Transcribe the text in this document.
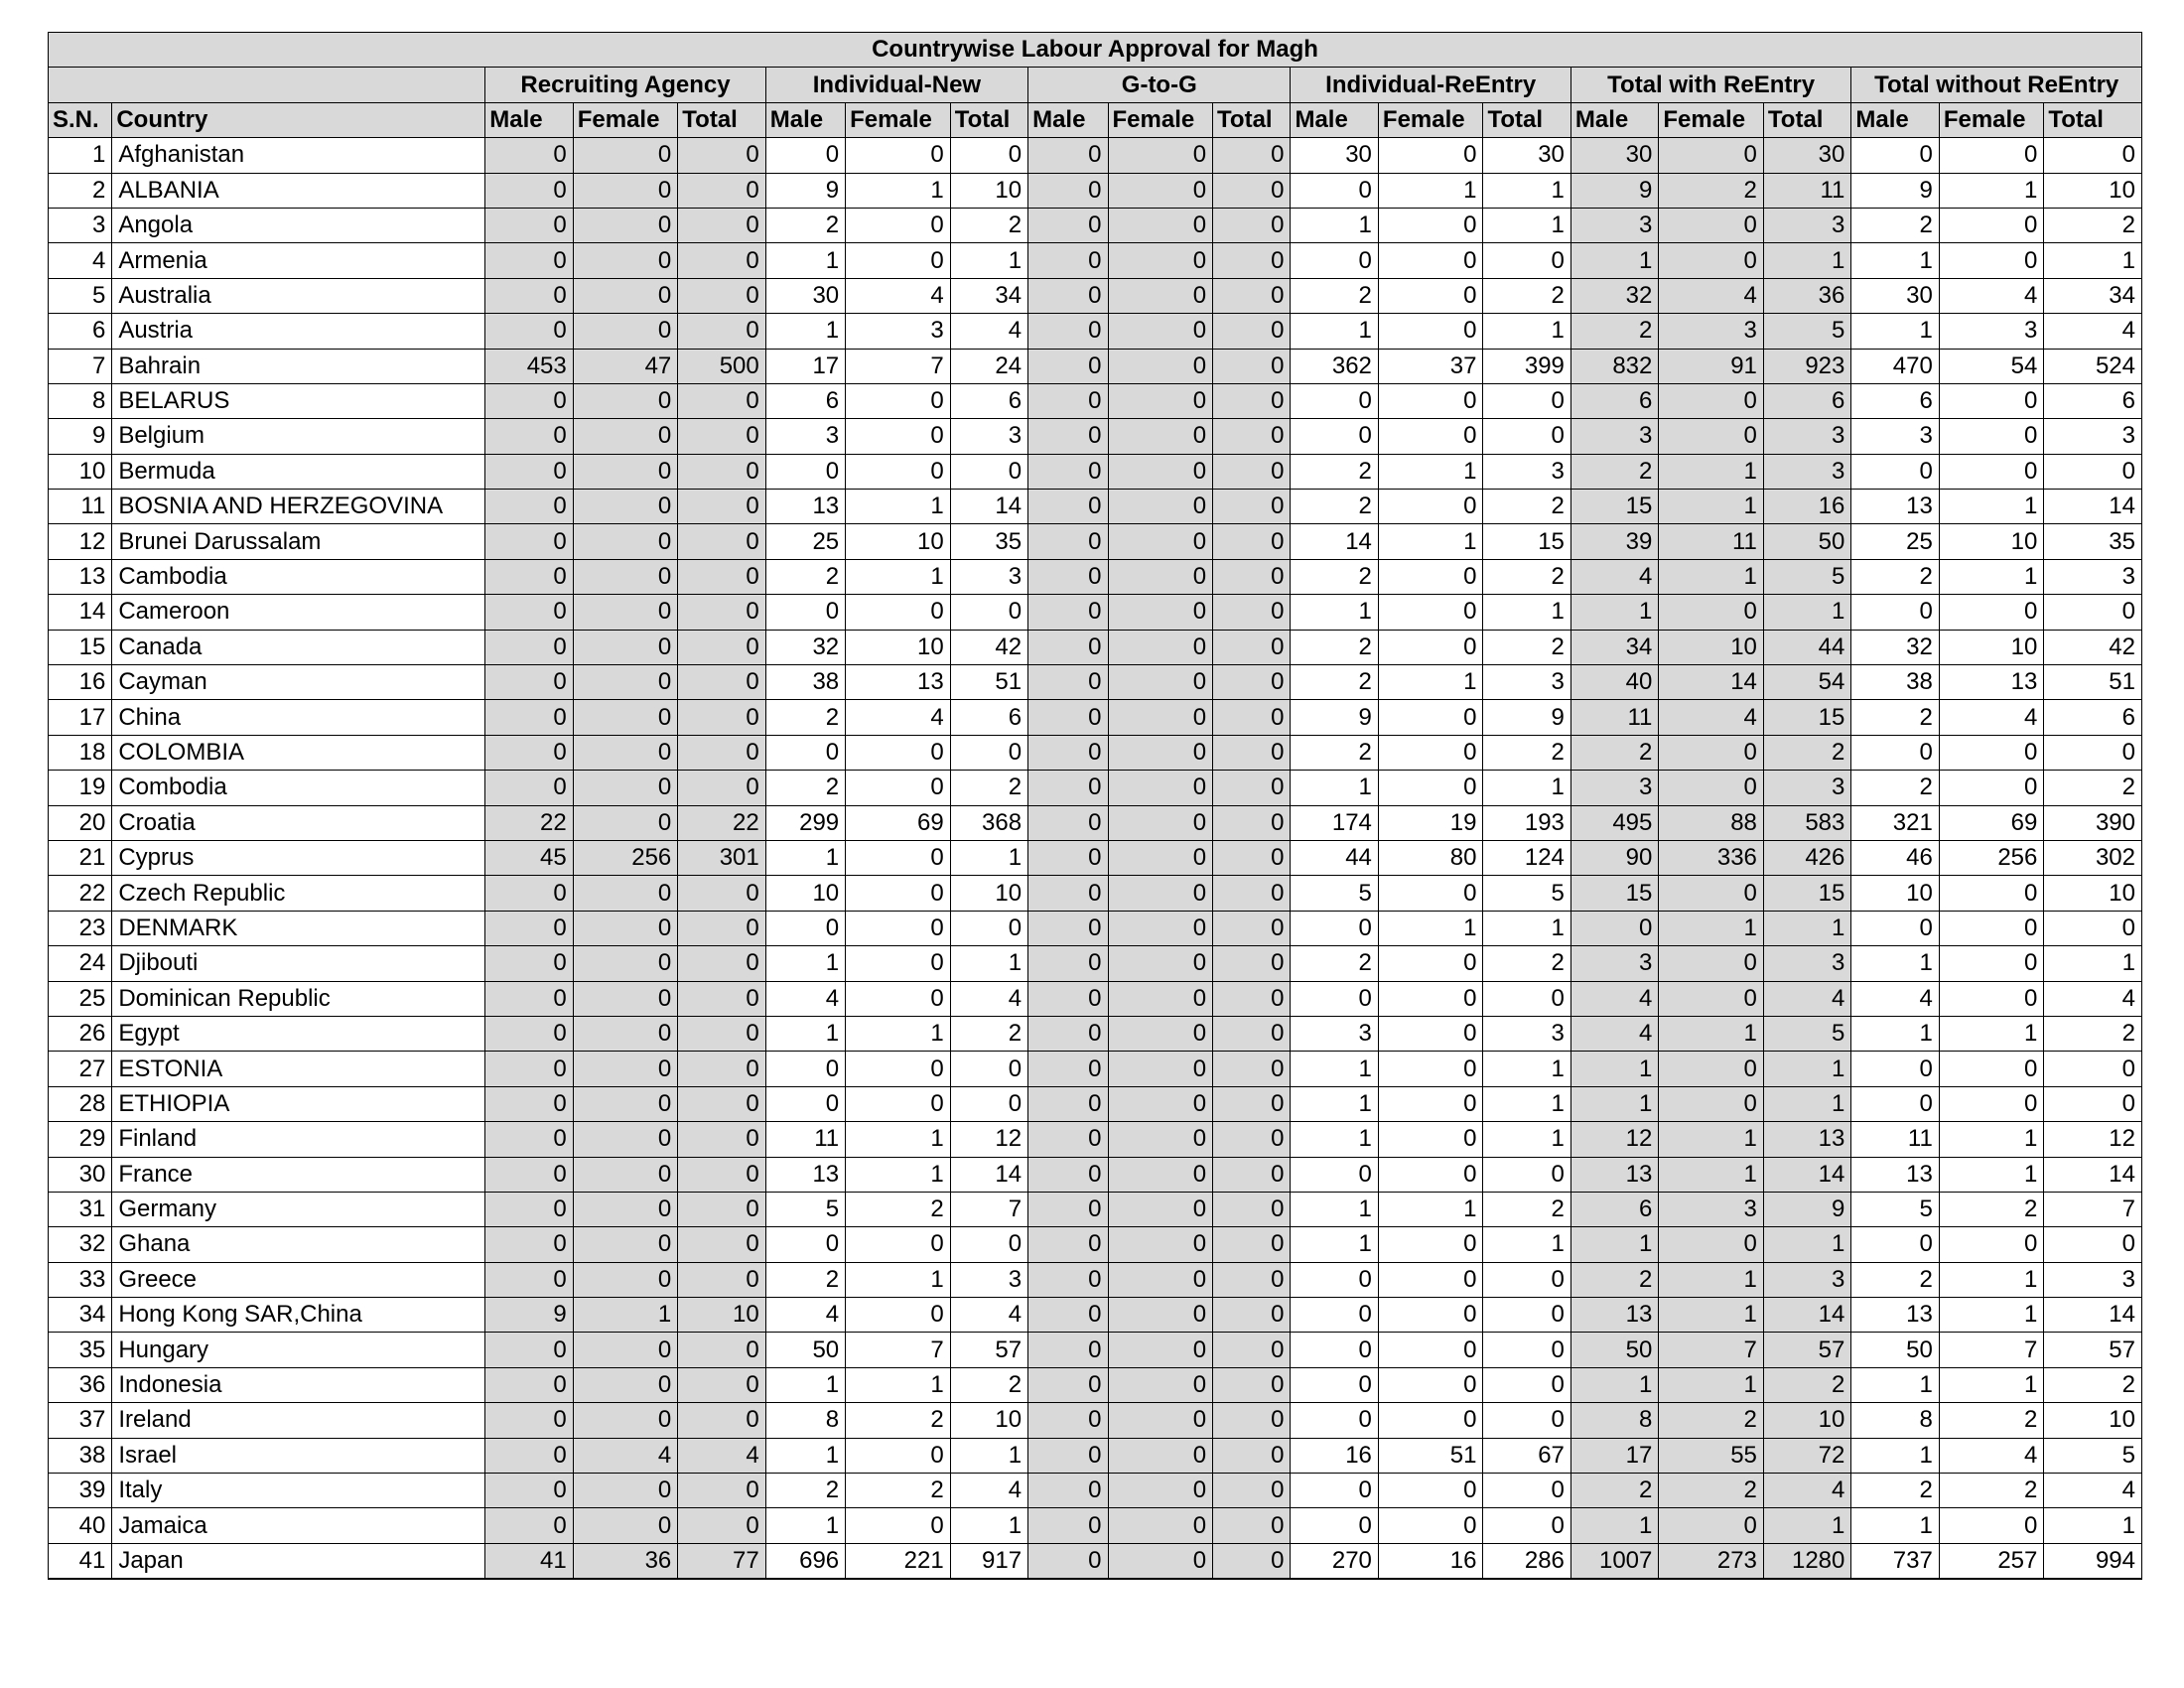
Countrywise Labour Approval for Magh																			
		Recruiting Agency			Individual-New			G-to-G			Individual-ReEntry			Total with ReEntry			Total without ReEntry		
S.N.	Country	Male	Female	Total	Male	Female	Total	Male	Female	Total	Male	Female	Total	Male	Female	Total	Male	Female	Total
1	Afghanistan	0	0	0	0	0	0	0	0	0	30	0	30	30	0	30	0	0	0
2	ALBANIA	0	0	0	9	1	10	0	0	0	0	1	1	9	2	11	9	1	10
3	Angola	0	0	0	2	0	2	0	0	0	1	0	1	3	0	3	2	0	2
4	Armenia	0	0	0	1	0	1	0	0	0	0	0	0	1	0	1	1	0	1
5	Australia	0	0	0	30	4	34	0	0	0	2	0	2	32	4	36	30	4	34
6	Austria	0	0	0	1	3	4	0	0	0	1	0	1	2	3	5	1	3	4
7	Bahrain	453	47	500	17	7	24	0	0	0	362	37	399	832	91	923	470	54	524
8	BELARUS	0	0	0	6	0	6	0	0	0	0	0	0	6	0	6	6	0	6
9	Belgium	0	0	0	3	0	3	0	0	0	0	0	0	3	0	3	3	0	3
10	Bermuda	0	0	0	0	0	0	0	0	0	2	1	3	2	1	3	0	0	0
11	BOSNIA AND HERZEGOVINA	0	0	0	13	1	14	0	0	0	2	0	2	15	1	16	13	1	14
12	Brunei Darussalam	0	0	0	25	10	35	0	0	0	14	1	15	39	11	50	25	10	35
13	Cambodia	0	0	0	2	1	3	0	0	0	2	0	2	4	1	5	2	1	3
14	Cameroon	0	0	0	0	0	0	0	0	0	1	0	1	1	0	1	0	0	0
15	Canada	0	0	0	32	10	42	0	0	0	2	0	2	34	10	44	32	10	42
16	Cayman	0	0	0	38	13	51	0	0	0	2	1	3	40	14	54	38	13	51
17	China	0	0	0	2	4	6	0	0	0	9	0	9	11	4	15	2	4	6
18	COLOMBIA	0	0	0	0	0	0	0	0	0	2	0	2	2	0	2	0	0	0
19	Combodia	0	0	0	2	0	2	0	0	0	1	0	1	3	0	3	2	0	2
20	Croatia	22	0	22	299	69	368	0	0	0	174	19	193	495	88	583	321	69	390
21	Cyprus	45	256	301	1	0	1	0	0	0	44	80	124	90	336	426	46	256	302
22	Czech Republic	0	0	0	10	0	10	0	0	0	5	0	5	15	0	15	10	0	10
23	DENMARK	0	0	0	0	0	0	0	0	0	0	1	1	0	1	1	0	0	0
24	Djibouti	0	0	0	1	0	1	0	0	0	2	0	2	3	0	3	1	0	1
25	Dominican Republic	0	0	0	4	0	4	0	0	0	0	0	0	4	0	4	4	0	4
26	Egypt	0	0	0	1	1	2	0	0	0	3	0	3	4	1	5	1	1	2
27	ESTONIA	0	0	0	0	0	0	0	0	0	1	0	1	1	0	1	0	0	0
28	ETHIOPIA	0	0	0	0	0	0	0	0	0	1	0	1	1	0	1	0	0	0
29	Finland	0	0	0	11	1	12	0	0	0	1	0	1	12	1	13	11	1	12
30	France	0	0	0	13	1	14	0	0	0	0	0	0	13	1	14	13	1	14
31	Germany	0	0	0	5	2	7	0	0	0	1	1	2	6	3	9	5	2	7
32	Ghana	0	0	0	0	0	0	0	0	0	1	0	1	1	0	1	0	0	0
33	Greece	0	0	0	2	1	3	0	0	0	0	0	0	2	1	3	2	1	3
34	Hong Kong SAR,China	9	1	10	4	0	4	0	0	0	0	0	0	13	1	14	13	1	14
35	Hungary	0	0	0	50	7	57	0	0	0	0	0	0	50	7	57	50	7	57
36	Indonesia	0	0	0	1	1	2	0	0	0	0	0	0	1	1	2	1	1	2
37	Ireland	0	0	0	8	2	10	0	0	0	0	0	0	8	2	10	8	2	10
38	Israel	0	4	4	1	0	1	0	0	0	16	51	67	17	55	72	1	4	5
39	Italy	0	0	0	2	2	4	0	0	0	0	0	0	2	2	4	2	2	4
40	Jamaica	0	0	0	1	0	1	0	0	0	0	0	0	1	0	1	1	0	1
41	Japan	41	36	77	696	221	917	0	0	0	270	16	286	1007	273	1280	737	257	994
